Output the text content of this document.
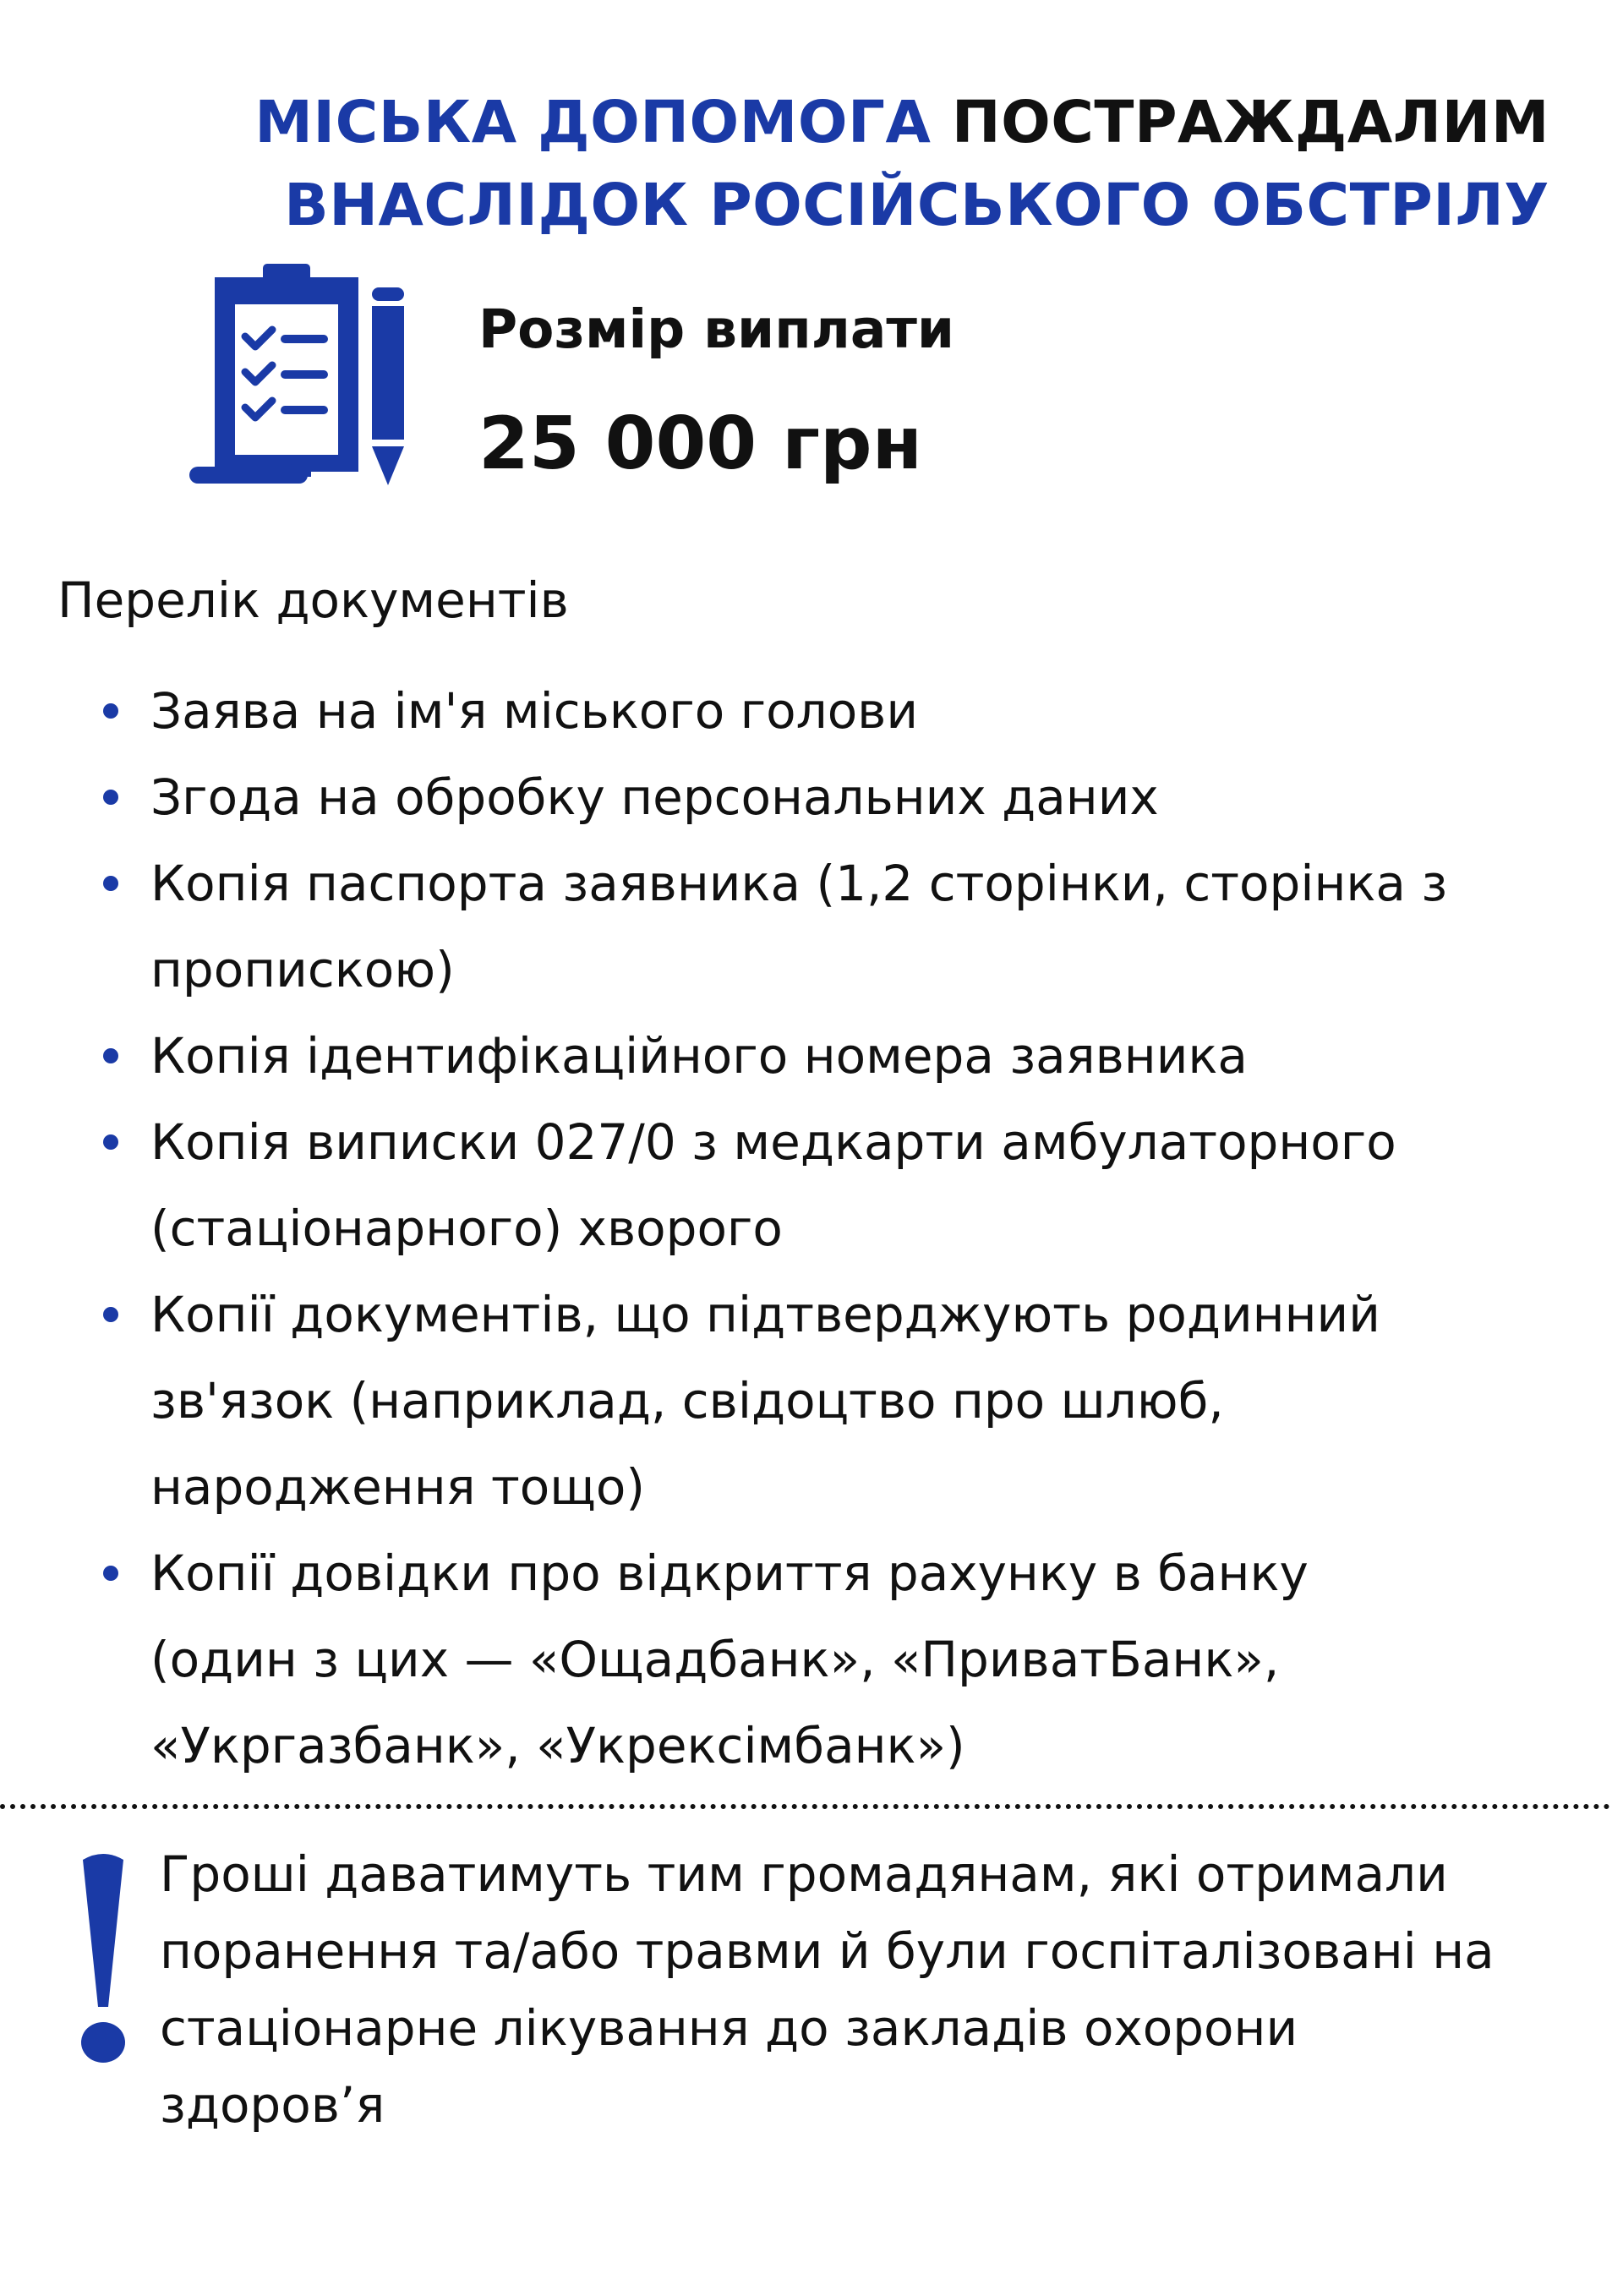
МІСЬКА ДОПОМОГА ПОСТРАЖДАЛИМ
ВНАСЛІДОК РОСІЙСЬКОГО ОБСТРІЛУ
Розмір виплати
25 000 грн
Перелік документів
Заява на ім'я міського голови
Згода на обробку персональних даних
Копія паспорта заявника (1,2 сторінки, сторінка з пропискою)
Копія ідентифікаційного номера заявника
Копія виписки 027/0 з медкарти амбулаторного (стаціонарного) хворого
Копії документів, що підтверджують родинний зв'язок (наприклад, свідоцтво про шлюб, народження тощо)
Копії довідки про відкриття рахунку в банку (один з цих — «Ощадбанк», «ПриватБанк», «Укргазбанк», «Укрексімбанк»)
Гроші даватимуть тим громадянам, які отримали поранення та/або травми й були госпіталізовані на стаціонарне лікування до закладів охорони здоров’я
